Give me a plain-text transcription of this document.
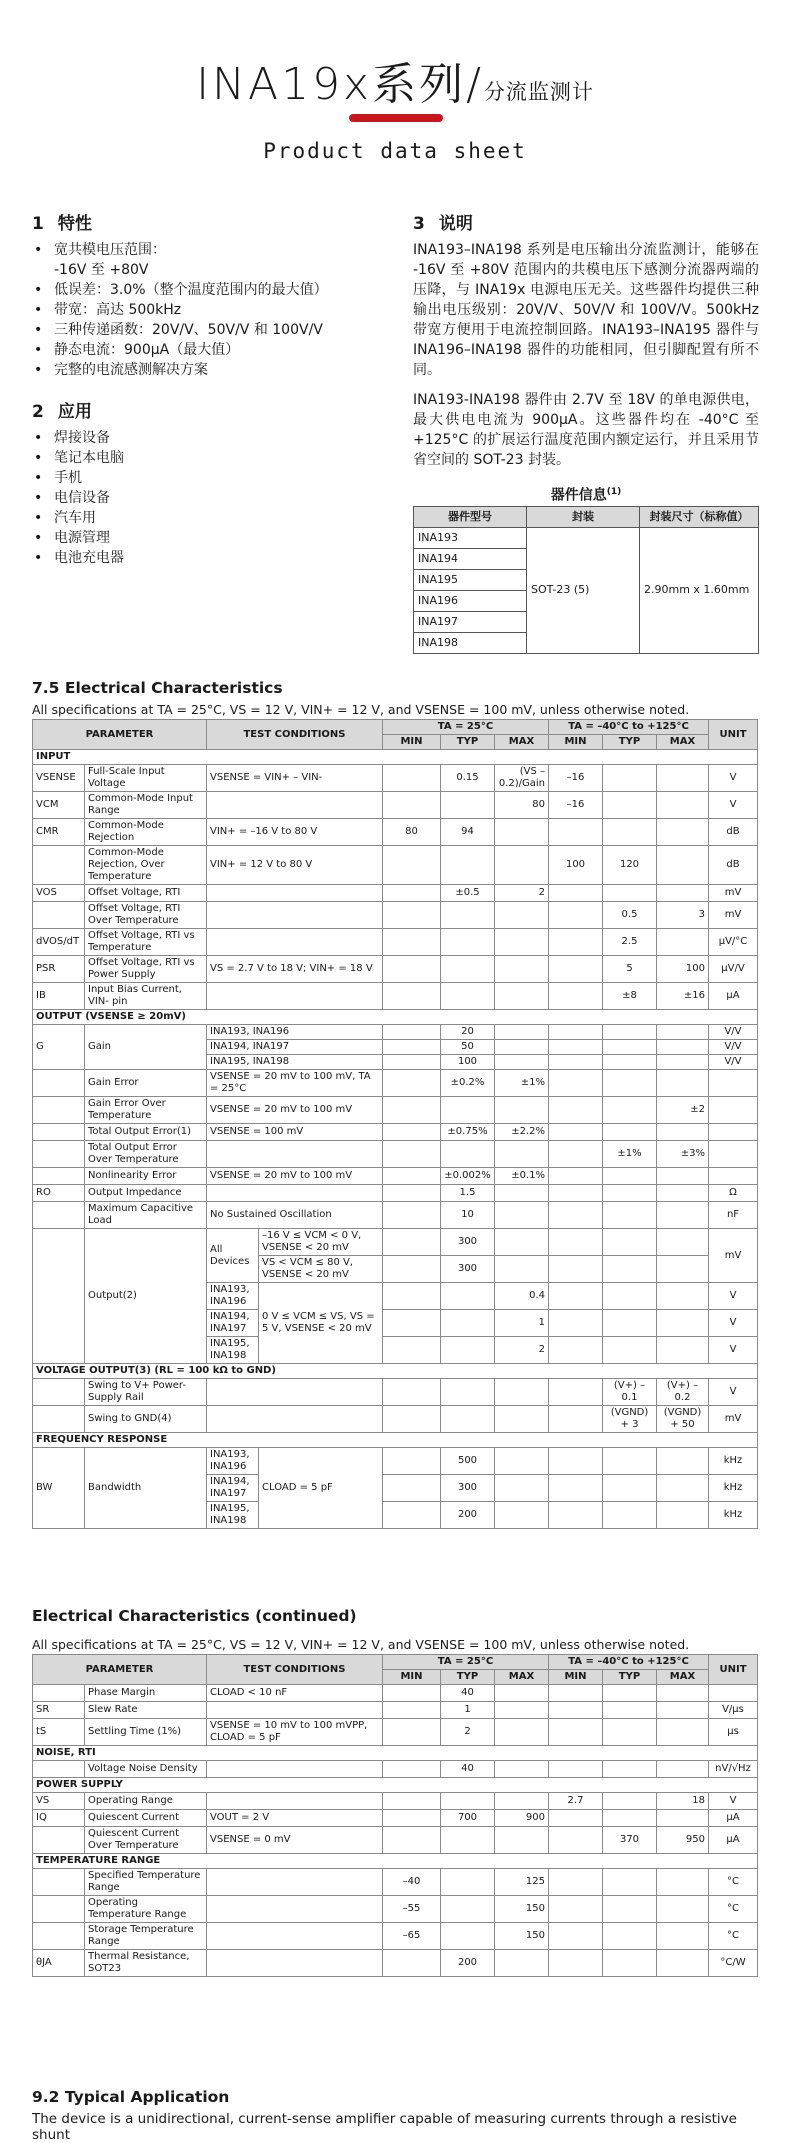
INA19x系列/分流监测计
Product data sheet
1 特性
• 宽共模电压范围：
-16V 至 +80V
• 低误差：3.0%（整个温度范围内的最大值）
• 带宽：高达 500kHz
• 三种传递函数：20V/V、50V/V 和 100V/V
• 静态电流：900μA（最大值）
• 完整的电流感测解决方案
2 应用
• 焊接设备
• 笔记本电脑
• 手机
• 电信设备
• 汽车用
• 电源管理
• 电池充电器
3 说明

INA193–INA198 系列是电压输出分流监测计，能够在 -16V 至 +80V 范围内的共模电压下感测分流器两端的压降，与 INA19x 电源电压无关。这些器件均提供三种输出电压级别：20V/V、50V/V 和 100V/V。500kHz 带宽方便用于电流控制回路。INA193–INA195 器件与 INA196–INA198 器件的功能相同，但引脚配置有所不同。

INA193-INA198 器件由 2.7V 至 18V 的单电源供电，最大供电电流为 900μA。这些器件均在 -40°C 至 +125°C 的扩展运行温度范围内额定运行，并且采用节省空间的 SOT-23 封装。

器件信息$^{(1)}$
器件型号	封装	封装尺寸（标称值）
INA193	SOT-23 (5)	2.90mm x 1.60mm
INA194		
INA195		
INA196		
INA197		
INA198		
7.5 Electrical Characteristics
All specifications at TA = 25°C, VS = 12 V, VIN+ = 12 V, and VSENSE = 100 mV, unless otherwise noted.
PARAMETER		TEST CONDITIONS		TA = 25°C			TA = –40°C to +125°C			UNIT
				MIN	TYP	MAX	MIN	TYP	MAX	
INPUT										
VSENSE	Full-Scale Input Voltage	VSENSE = VIN+ – VIN-			0.15	(VS – 0.2)/Gain	–16			V
VCM	Common-Mode Input Range					80	–16			V
CMR	Common-Mode Rejection	VIN+ = –16 V to 80 V		80	94					dB
	Common-Mode Rejection, Over Temperature	VIN+ = 12 V to 80 V					100	120		dB
VOS	Offset Voltage, RTI				±0.5	2				mV
	Offset Voltage, RTI Over Temperature							0.5	3	mV
dVOS/dT	Offset Voltage, RTI vs Temperature							2.5		μV/°C
PSR	Offset Voltage, RTI vs Power Supply	VS = 2.7 V to 18 V; VIN+ = 18 V						5	100	μV/V
IB	Input Bias Current, VIN- pin							±8	±16	μA
OUTPUT (VSENSE ≥ 20mV)										
G	Gain	INA193, INA196			20					V/V
		INA194, INA197			50					V/V
		INA195, INA198			100					V/V
	Gain Error	VSENSE = 20 mV to 100 mV, TA = 25°C			±0.2%	±1%				
	Gain Error Over Temperature	VSENSE = 20 mV to 100 mV							±2	
	Total Output Error(1)	VSENSE = 100 mV			±0.75%	±2.2%				
	Total Output Error Over Temperature							±1%	±3%	
	Nonlinearity Error	VSENSE = 20 mV to 100 mV			±0.002%	±0.1%				
RO	Output Impedance				1.5					Ω
	Maximum Capacitive Load	No Sustained Oscillation			10					nF
	Output(2)	All Devices	–16 V ≤ VCM < 0 V, VSENSE < 20 mV		300					mV
			VS < VCM ≤ 80 V, VSENSE < 20 mV		300					
		INA193, INA196	0 V ≤ VCM ≤ VS, VS = 5 V, VSENSE < 20 mV			0.4				V
		INA194, INA197				1				V
		INA195, INA198				2				V
VOLTAGE OUTPUT(3) (RL = 100 kΩ to GND)										
	Swing to V+ Power-Supply Rail							(V+) – 0.1	(V+) – 0.2	V
	Swing to GND(4)							(VGND) + 3	(VGND) + 50	mV
FREQUENCY RESPONSE										
BW	Bandwidth	INA193, INA196	CLOAD = 5 pF		500					kHz
		INA194, INA197			300					kHz
		INA195, INA198			200					kHz
Electrical Characteristics (continued)
All specifications at TA = 25°C, VS = 12 V, VIN+ = 12 V, and VSENSE = 100 mV, unless otherwise noted.
PARAMETER		TEST CONDITIONS	TA = 25°C			TA = –40°C to +125°C			UNIT
			MIN	TYP	MAX	MIN	TYP	MAX	
	Phase Margin	CLOAD < 10 nF		40					
SR	Slew Rate			1					V/μs
tS	Settling Time (1%)	VSENSE = 10 mV to 100 mVPP, CLOAD = 5 pF		2					μs
NOISE, RTI									
	Voltage Noise Density			40					nV/√Hz
POWER SUPPLY									
VS	Operating Range					2.7		18	V
IQ	Quiescent Current	VOUT = 2 V		700	900				μA
	Quiescent Current Over Temperature	VSENSE = 0 mV					370	950	μA
TEMPERATURE RANGE									
	Specified Temperature Range		–40		125				°C
	Operating Temperature Range		–55		150				°C
	Storage Temperature Range		–65		150				°C
θJA	Thermal Resistance, SOT23			200					°C/W
9.2 Typical Application
The device is a unidirectional, current-sense amplifier capable of measuring currents through a resistive shunt
